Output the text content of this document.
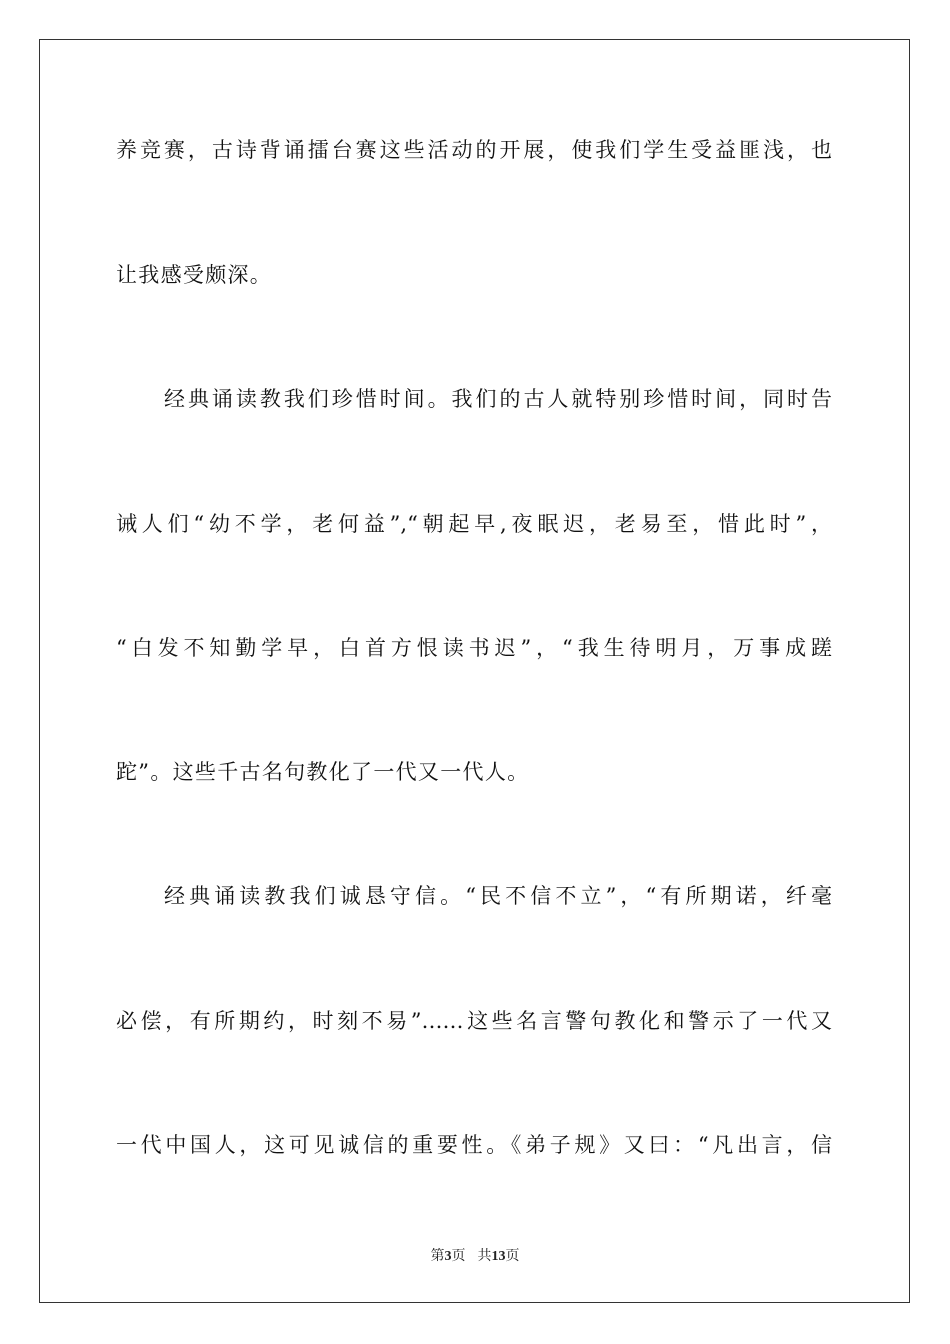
养竞赛，古诗背诵擂台赛这些活动的开展，使我们学生受益匪浅，也
让我感受颇深。
经典诵读教我们珍惜时间。我们的古人就特别珍惜时间，同时告
诫人们“幼不学，老何益”,“朝起早,夜眠迟，老易至，惜此时”，
“白发不知勤学早，白首方恨读书迟”，“我生待明月，万事成蹉
跎”。这些千古名句教化了一代又一代人。
经典诵读教我们诚恳守信。“民不信不立”，“有所期诺，纤毫
必偿，有所期约，时刻不易”……这些名言警句教化和警示了一代又
一代中国人，这可见诚信的重要性。《弟子规》又曰：“凡出言，信
第3页 共13页
